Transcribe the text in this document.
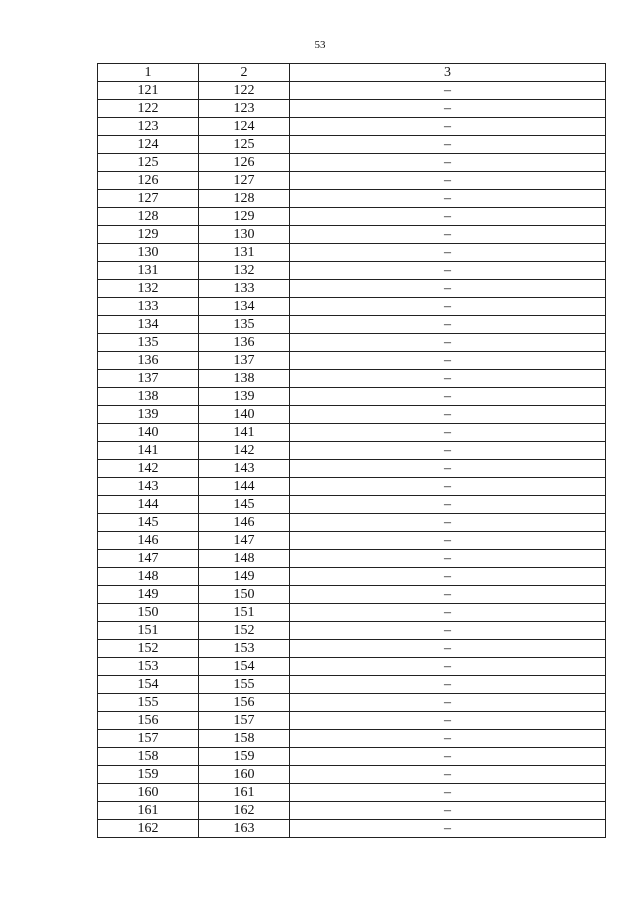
53
1	2	3
121	122	–
122	123	–
123	124	–
124	125	–
125	126	–
126	127	–
127	128	–
128	129	–
129	130	–
130	131	–
131	132	–
132	133	–
133	134	–
134	135	–
135	136	–
136	137	–
137	138	–
138	139	–
139	140	–
140	141	–
141	142	–
142	143	–
143	144	–
144	145	–
145	146	–
146	147	–
147	148	–
148	149	–
149	150	–
150	151	–
151	152	–
152	153	–
153	154	–
154	155	–
155	156	–
156	157	–
157	158	–
158	159	–
159	160	–
160	161	–
161	162	–
162	163	–
